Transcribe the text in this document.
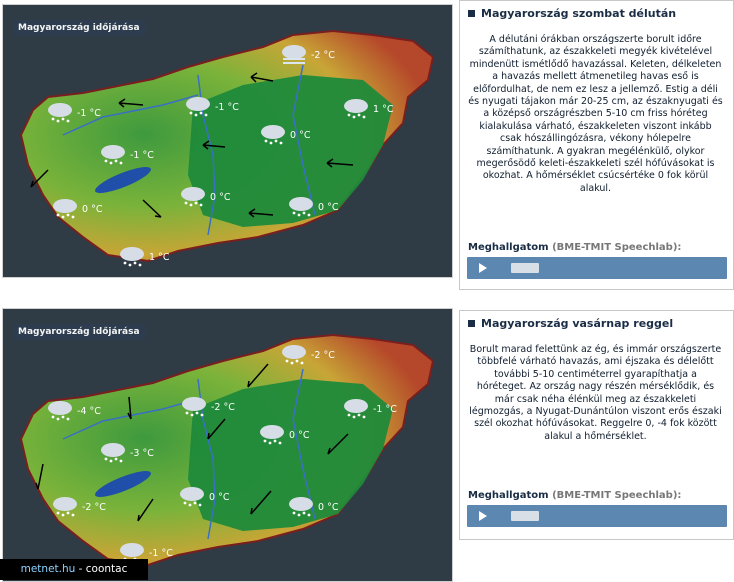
Magyarország időjárása
-1 °C
-1 °C
-2 °C
1 °C
-1 °C
0 °C
0 °C
0 °C
0 °C
1 °C
Magyarország szombat délután
A délutáni órákban országszerte borult időre számíthatunk, az északkeleti megyék kivételével mindenütt ismétlődő havazással. Keleten, délkeleten a havazás mellett átmenetileg havas eső is előfordulhat, de nem ez lesz a jellemző. Estig a déli és nyugati tájakon már 20-25 cm, az északnyugati és a középső országrészben 5-10 cm friss hóréteg kialakulása várható, északkeleten viszont inkább csak hószállingózásra, vékony hólepelre számíthatunk. A gyakran megélénkülő, olykor megerősödő keleti-északkeleti szél hófúvásokat is okozhat. A hőmérséklet csúcsértéke 0 fok körül alakul.
Meghallgatom (BME-TMIT Speechlab):
Magyarország időjárása
-4 °C	-2 °C
-2 °C
-1 °C
-3 °C
0 °C
0 °C
0 °C
-2 °C
-1 °C
Magyarország vasárnap reggel
Borult marad felettünk az ég, és immár országszerte többfelé várható havazás, ami éjszaka és délelőtt további 5-10 centiméterrel gyarapíthatja a hóréteget. Az ország nagy részén mérséklődik, és már csak néha élénkül meg az északkeleti légmozgás, a Nyugat-Dunántúlon viszont erős északi szél okozhat hófúvásokat. Reggelre 0, -4 fok között alakul a hőmérséklet.
Meghallgatom (BME-TMIT Speechlab):
metnet.hu - coontac
